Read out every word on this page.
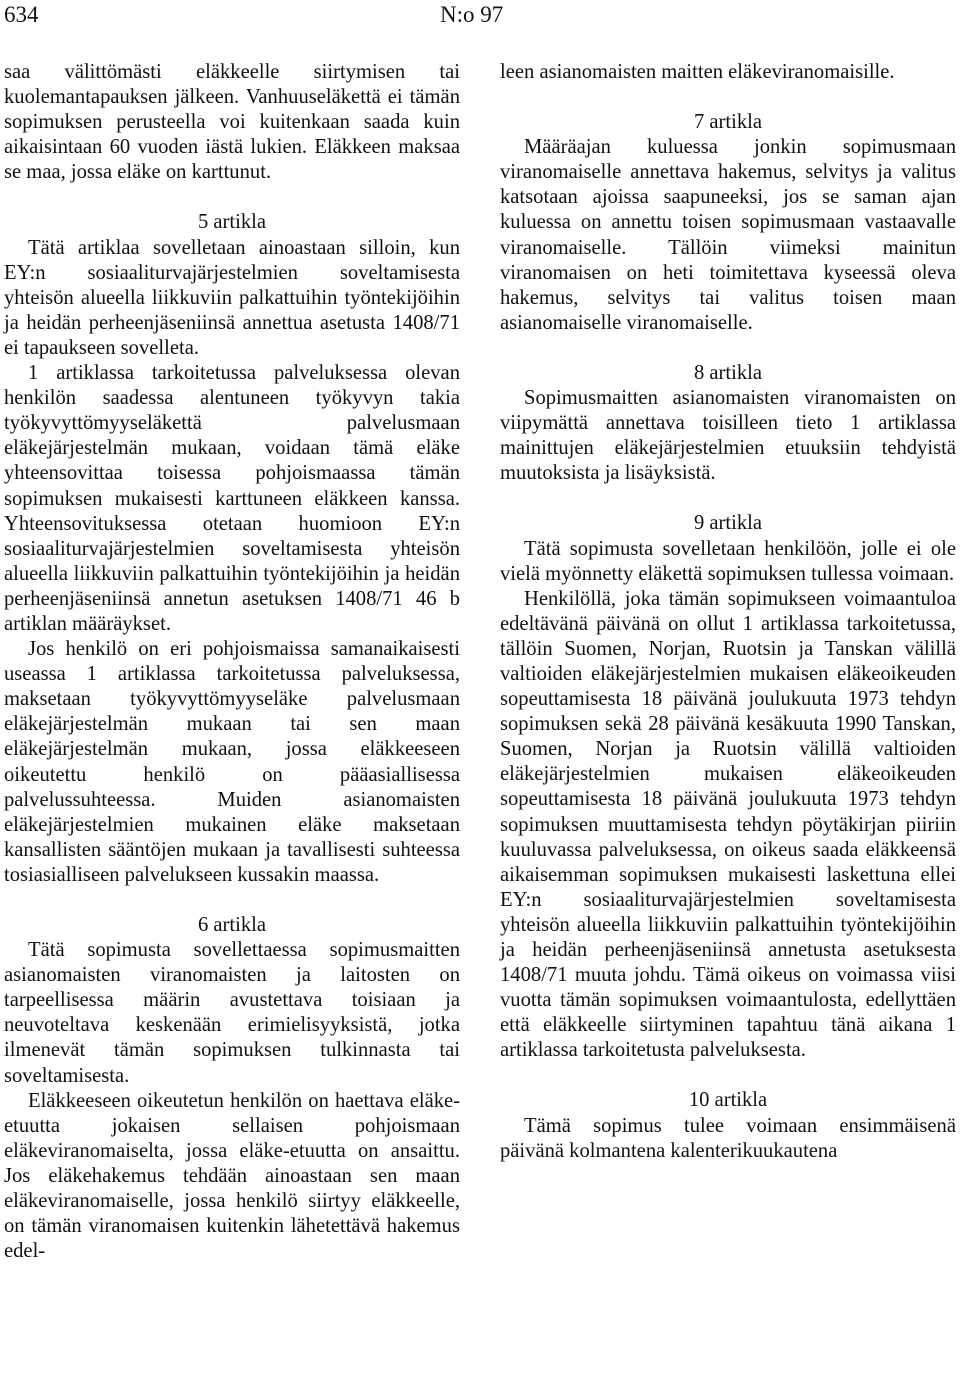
634	N:o 97

saa välittömästi eläkkeelle siirtymisen tai kuolemantapauksen jälkeen. Vanhuuseläkettä ei tämän sopimuksen perusteella voi kuitenkaan saada kuin aikaisintaan 60 vuoden iästä lukien. Eläkkeen maksaa se maa, jossa eläke on karttunut.

5 artikla

Tätä artiklaa sovelletaan ainoastaan silloin, kun EY:n sosiaaliturvajärjestelmien soveltamisesta yhteisön alueella liikkuviin palkattuihin työntekijöihin ja heidän perheenjäseniinsä annettua asetusta 1408/71 ei tapaukseen sovelleta.

1 artiklassa tarkoitetussa palveluksessa olevan henkilön saadessa alentuneen työkyvyn takia työkyvyttömyyseläkettä palvelusmaan eläkejärjestelmän mukaan, voidaan tämä eläke yhteensovittaa toisessa pohjoismaassa tämän sopimuksen mukaisesti karttuneen eläkkeen kanssa. Yhteensovituksessa otetaan huomioon EY:n sosiaaliturvajärjestelmien soveltamisesta yhteisön alueella liikkuviin palkattuihin työntekijöihin ja heidän perheenjäseniinsä annetun asetuksen 1408/71 46 b artiklan määräykset.

Jos henkilö on eri pohjoismaissa samanaikaisesti useassa 1 artiklassa tarkoitetussa palveluksessa, maksetaan työkyvyttömyyseläke palvelusmaan eläkejärjestelmän mukaan tai sen maan eläkejärjestelmän mukaan, jossa eläkkeeseen oikeutettu henkilö on pääasiallisessa palvelussuhteessa. Muiden asianomaisten eläkejärjestelmien mukainen eläke maksetaan kansallisten sääntöjen mukaan ja tavallisesti suhteessa tosiasialliseen palvelukseen kussakin maassa.

6 artikla

Tätä sopimusta sovellettaessa sopimusmaitten asianomaisten viranomaisten ja laitosten on tarpeellisessa määrin avustettava toisiaan ja neuvoteltava keskenään erimielisyyksistä, jotka ilmenevät tämän sopimuksen tulkinnasta tai soveltamisesta.

Eläkkeeseen oikeutetun henkilön on haettava eläke-etuutta jokaisen sellaisen pohjoismaan eläkeviranomaiselta, jossa eläke-etuutta on ansaittu. Jos eläkehakemus tehdään ainoastaan sen maan eläkeviranomaiselle, jossa henkilö siirtyy eläkkeelle, on tämän viranomaisen kuitenkin lähetettävä hakemus edel-

leen asianomaisten maitten eläkeviranomaisille.

7 artikla

Määräajan kuluessa jonkin sopimusmaan viranomaiselle annettava hakemus, selvitys ja valitus katsotaan ajoissa saapuneeksi, jos se saman ajan kuluessa on annettu toisen sopimusmaan vastaavalle viranomaiselle. Tällöin viimeksi mainitun viranomaisen on heti toimitettava kyseessä oleva hakemus, selvitys tai valitus toisen maan asianomaiselle viranomaiselle.

8 artikla

Sopimusmaitten asianomaisten viranomaisten on viipymättä annettava toisilleen tieto 1 artiklassa mainittujen eläkejärjestelmien etuuksiin tehdyistä muutoksista ja lisäyksistä.

9 artikla

Tätä sopimusta sovelletaan henkilöön, jolle ei ole vielä myönnetty eläkettä sopimuksen tullessa voimaan.

Henkilöllä, joka tämän sopimukseen voimaantuloa edeltävänä päivänä on ollut 1 artiklassa tarkoitetussa, tällöin Suomen, Norjan, Ruotsin ja Tanskan välillä valtioiden eläkejärjestelmien mukaisen eläkeoikeuden sopeuttamisesta 18 päivänä joulukuuta 1973 tehdyn sopimuksen sekä 28 päivänä kesäkuuta 1990 Tanskan, Suomen, Norjan ja Ruotsin välillä valtioiden eläkejärjestelmien mukaisen eläkeoikeuden sopeuttamisesta 18 päivänä joulukuuta 1973 tehdyn sopimuksen muuttamisesta tehdyn pöytäkirjan piiriin kuuluvassa palveluksessa, on oikeus saada eläkkeensä aikaisemman sopimuksen mukaisesti laskettuna ellei EY:n sosiaaliturvajärjestelmien soveltamisesta yhteisön alueella liikkuviin palkattuihin työntekijöihin ja heidän perheenjäseniinsä annetusta asetuksesta 1408/71 muuta johdu. Tämä oikeus on voimassa viisi vuotta tämän sopimuksen voimaantulosta, edellyttäen että eläkkeelle siirtyminen tapahtuu tänä aikana 1 artiklassa tarkoitetusta palveluksesta.

10 artikla

Tämä sopimus tulee voimaan ensimmäisenä päivänä kolmantena kalenterikuukautena
